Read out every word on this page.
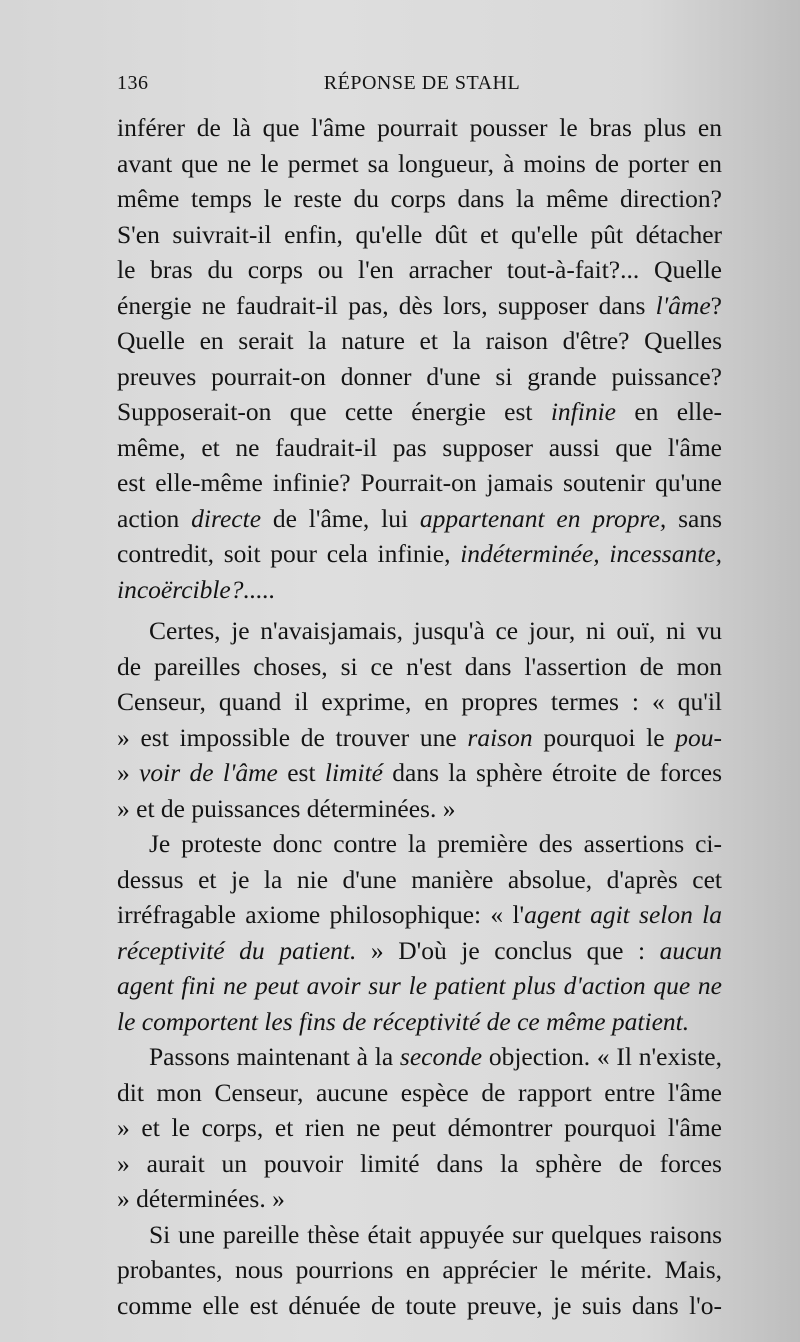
136	RÉPONSE DE STAHL
inférer de là que l'âme pourrait pousser le bras plus en
avant que ne le permet sa longueur, à moins de porter en
même temps le reste du corps dans la même direction?
S'en suivrait-il enfin, qu'elle dût et qu'elle pût détacher
le bras du corps ou l'en arracher tout-à-fait?... Quelle
énergie ne faudrait-il pas, dès lors, supposer dans l'âme?
Quelle en serait la nature et la raison d'être? Quelles
preuves pourrait-on donner d'une si grande puissance?
Supposerait-on que cette énergie est infinie en elle-
même, et ne faudrait-il pas supposer aussi que l'âme
est elle-même infinie? Pourrait-on jamais soutenir qu'une
action directe de l'âme, lui appartenant en propre, sans
contredit, soit pour cela infinie, indéterminée, incessante,
incoërcible?.....
Certes, je n'avaisjamais, jusqu'à ce jour, ni ouï, ni vu
de pareilles choses, si ce n'est dans l'assertion de mon
Censeur, quand il exprime, en propres termes : « qu'il
» est impossible de trouver une raison pourquoi le pou-
» voir de l'âme est limité dans la sphère étroite de forces
» et de puissances déterminées. »
Je proteste donc contre la première des assertions ci-
dessus et je la nie d'une manière absolue, d'après cet
irréfragable axiome philosophique: « l'agent agit selon la
réceptivité du patient. » D'où je conclus que : aucun
agent fini ne peut avoir sur le patient plus d'action que ne
le comportent les fins de réceptivité de ce même patient.
Passons maintenant à la seconde objection. « Il n'existe,
dit mon Censeur, aucune espèce de rapport entre l'âme
» et le corps, et rien ne peut démontrer pourquoi l'âme
» aurait un pouvoir limité dans la sphère de forces
» déterminées. »
Si une pareille thèse était appuyée sur quelques raisons
probantes, nous pourrions en apprécier le mérite. Mais,
comme elle est dénuée de toute preuve, je suis dans l'o-
